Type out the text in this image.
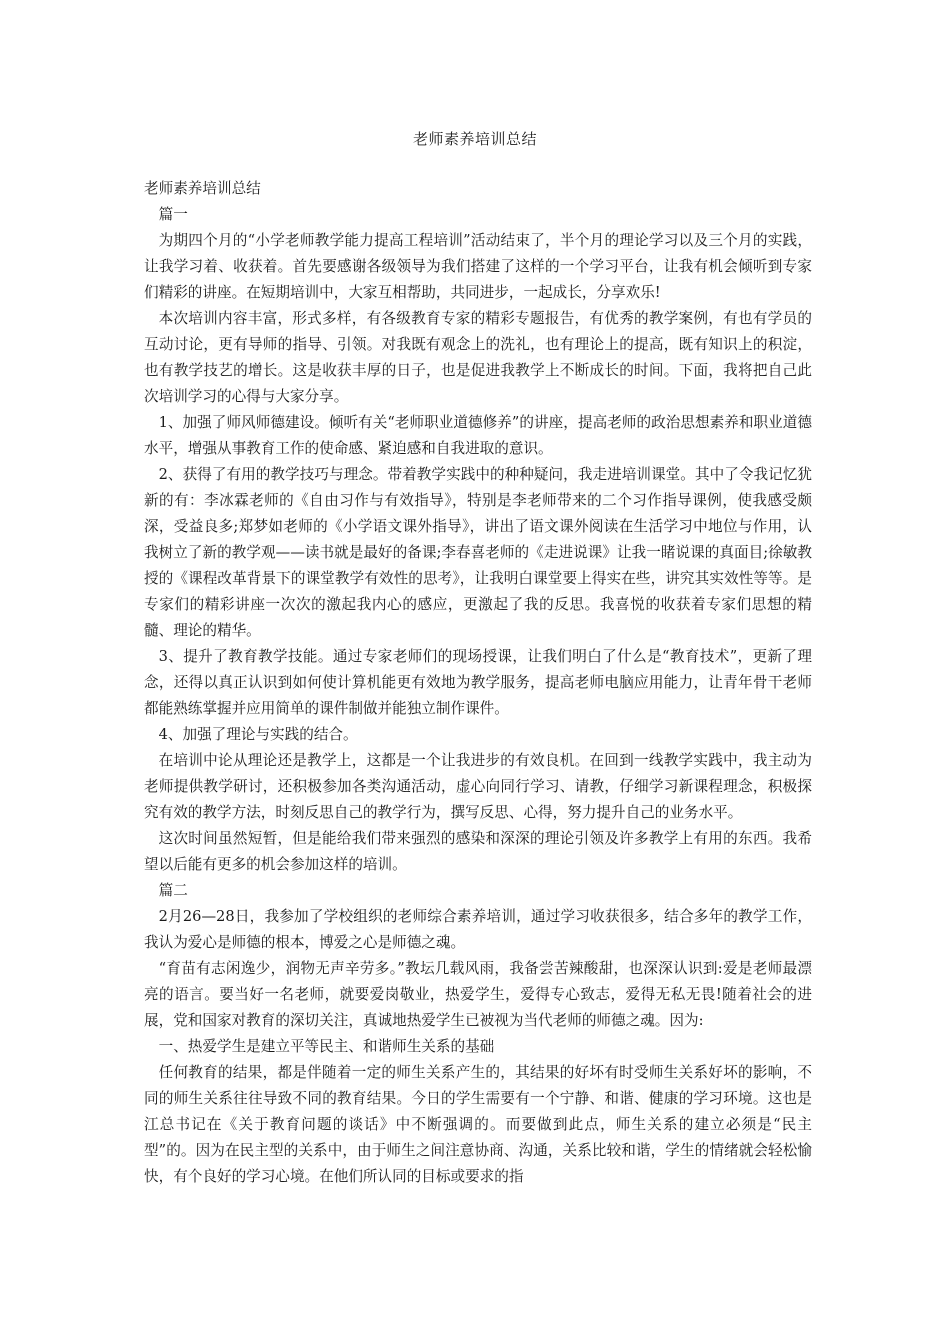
老师素养培训总结

老师素养培训总结

篇一

为期四个月的“小学老师教学能力提高工程培训”活动结束了，半个月的理论学习以及三个月的实践，让我学习着、收获着。首先要感谢各级领导为我们搭建了这样的一个学习平台，让我有机会倾听到专家们精彩的讲座。在短期培训中，大家互相帮助，共同进步，一起成长，分享欢乐!

本次培训内容丰富，形式多样，有各级教育专家的精彩专题报告，有优秀的教学案例，有也有学员的互动讨论，更有导师的指导、引领。对我既有观念上的洗礼，也有理论上的提高，既有知识上的积淀，也有教学技艺的增长。这是收获丰厚的日子，也是促进我教学上不断成长的时间。下面，我将把自己此次培训学习的心得与大家分享。

1、加强了师风师德建设。倾听有关“老师职业道德修养”的讲座，提高老师的政治思想素养和职业道德水平，增强从事教育工作的使命感、紧迫感和自我进取的意识。

2、获得了有用的教学技巧与理念。带着教学实践中的种种疑问，我走进培训课堂。其中了令我记忆犹新的有：李冰霖老师的《自由习作与有效指导》，特别是李老师带来的二个习作指导课例，使我感受颇深，受益良多;郑梦如老师的《小学语文课外指导》，讲出了语文课外阅读在生活学习中地位与作用，认我树立了新的教学观——读书就是最好的备课;李春喜老师的《走进说课》让我一睹说课的真面目;徐敏教授的《课程改革背景下的课堂教学有效性的思考》，让我明白课堂要上得实在些，讲究其实效性等等。是专家们的精彩讲座一次次的激起我内心的感应，更激起了我的反思。我喜悦的收获着专家们思想的精髓、理论的精华。

3、提升了教育教学技能。通过专家老师们的现场授课，让我们明白了什么是“教育技术”，更新了理念，还得以真正认识到如何使计算机能更有效地为教学服务，提高老师电脑应用能力，让青年骨干老师都能熟练掌握并应用简单的课件制做并能独立制作课件。

4、加强了理论与实践的结合。

在培训中论从理论还是教学上，这都是一个让我进步的有效良机。在回到一线教学实践中，我主动为老师提供教学研讨，还积极参加各类沟通活动，虚心向同行学习、请教，仔细学习新课程理念，积极探究有效的教学方法，时刻反思自己的教学行为，撰写反思、心得，努力提升自己的业务水平。

这次时间虽然短暂，但是能给我们带来强烈的感染和深深的理论引领及许多教学上有用的东西。我希望以后能有更多的机会参加这样的培训。

篇二

2月26—28日，我参加了学校组织的老师综合素养培训，通过学习收获很多，结合多年的教学工作，我认为爱心是师德的根本，博爱之心是师德之魂。

“育苗有志闲逸少，润物无声辛劳多。”教坛几载风雨，我备尝苦辣酸甜，也深深认识到:爱是老师最漂亮的语言。要当好一名老师，就要爱岗敬业，热爱学生，爱得专心致志，爱得无私无畏!随着社会的进展，党和国家对教育的深切关注，真诚地热爱学生已被视为当代老师的师德之魂。因为:

一、热爱学生是建立平等民主、和谐师生关系的基础

任何教育的结果，都是伴随着一定的师生关系产生的，其结果的好坏有时受师生关系好坏的影响，不同的师生关系往往导致不同的教育结果。今日的学生需要有一个宁静、和谐、健康的学习环境。这也是江总书记在《关于教育问题的谈话》中不断强调的。而要做到此点，师生关系的建立必须是“民主型”的。因为在民主型的关系中，由于师生之间注意协商、沟通，关系比较和谐，学生的情绪就会轻松愉快，有个良好的学习心境。在他们所认同的目标或要求的指
